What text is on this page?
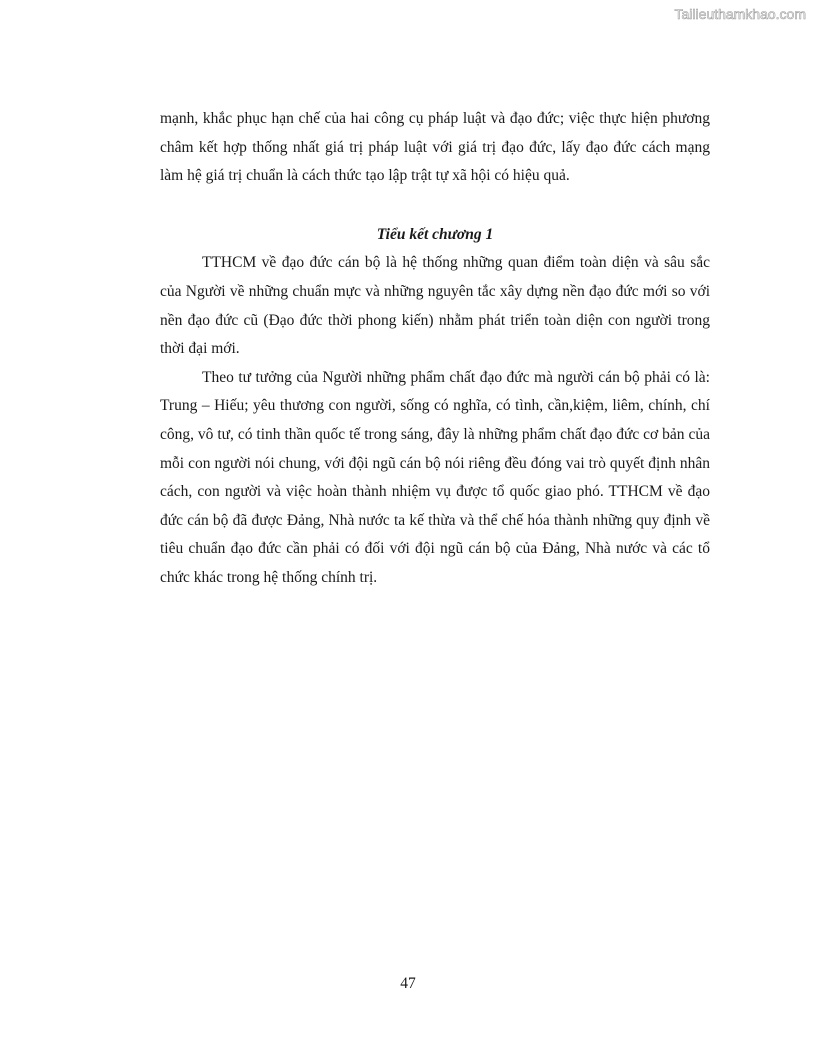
Tailieuthamkhao.com

mạnh, khắc phục hạn chế của hai công cụ pháp luật và đạo đức; việc thực hiện phương châm kết hợp thống nhất giá trị pháp luật với giá trị đạo đức, lấy đạo đức cách mạng làm hệ giá trị chuẩn là cách thức tạo lập trật tự xã hội có hiệu quả.

Tiểu kết chương 1

TTHCM về đạo đức cán bộ là hệ thống những quan điểm toàn diện và sâu sắc của Người về những chuẩn mực và những nguyên tắc xây dựng nền đạo đức mới so với nền đạo đức cũ (Đạo đức thời phong kiến) nhằm phát triển toàn diện con người trong thời đại mới.

Theo tư tưởng của Người những phẩm chất đạo đức mà người cán bộ phải có là: Trung – Hiếu; yêu thương con người, sống có nghĩa, có tình, cần,kiệm, liêm, chính, chí công, vô tư, có tinh thần quốc tế trong sáng, đây là những phẩm chất đạo đức cơ bản của mỗi con người nói chung, với đội ngũ cán bộ nói riêng đều đóng vai trò quyết định nhân cách, con người và việc hoàn thành nhiệm vụ được tổ quốc giao phó. TTHCM về đạo đức cán bộ đã được Đảng, Nhà nước ta kế thừa và thể chế hóa thành những quy định về tiêu chuẩn đạo đức cần phải có đối với đội ngũ cán bộ của Đảng, Nhà nước và các tổ chức khác trong hệ thống chính trị.

47
